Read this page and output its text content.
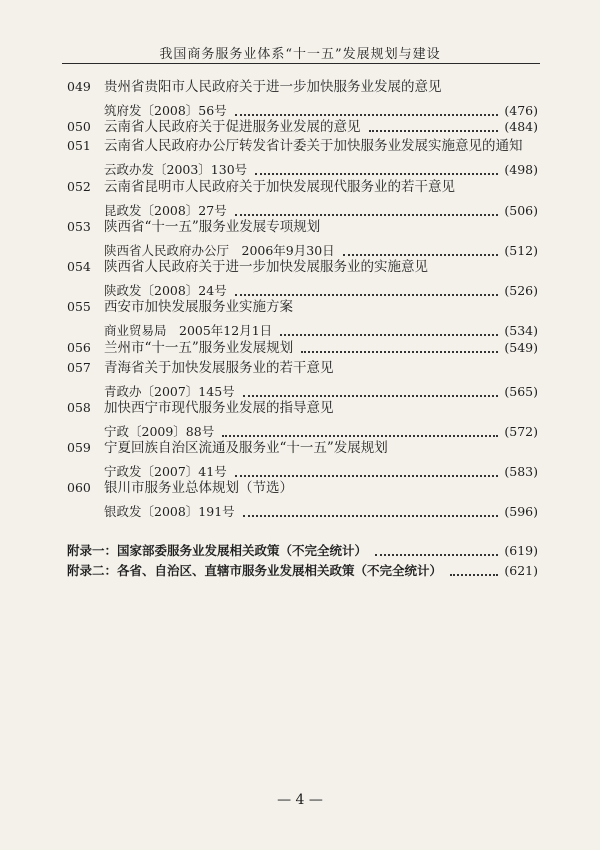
我国商务服务业体系“十一五”发展规划与建设
049 贵州省贵阳市人民政府关于进一步加快服务业发展的意见
筑府发〔2008〕56号	(476)
050 云南省人民政府关于促进服务业发展的意见	(484)
051 云南省人民政府办公厅转发省计委关于加快服务业发展实施意见的通知
云政办发〔2003〕130号	(498)
052 云南省昆明市人民政府关于加快发展现代服务业的若干意见
昆政发〔2008〕27号	(506)
053 陕西省“十一五”服务业发展专项规划
陕西省人民政府办公厅　2006年9月30日	(512)
054 陕西省人民政府关于进一步加快发展服务业的实施意见
陕政发〔2008〕24号	(526)
055 西安市加快发展服务业实施方案
商业贸易局　2005年12月1日	(534)
056 兰州市“十一五”服务业发展规划	(549)
057 青海省关于加快发展服务业的若干意见
青政办〔2007〕145号	(565)
058 加快西宁市现代服务业发展的指导意见
宁政〔2009〕88号	(572)
059 宁夏回族自治区流通及服务业“十一五”发展规划
宁政发〔2007〕41号	(583)
060 银川市服务业总体规划（节选）
银政发〔2008〕191号	(596)
附录一：国家部委服务业发展相关政策（不完全统计）	(619)
附录二：各省、自治区、直辖市服务业发展相关政策（不完全统计）	(621)
— 4 —
